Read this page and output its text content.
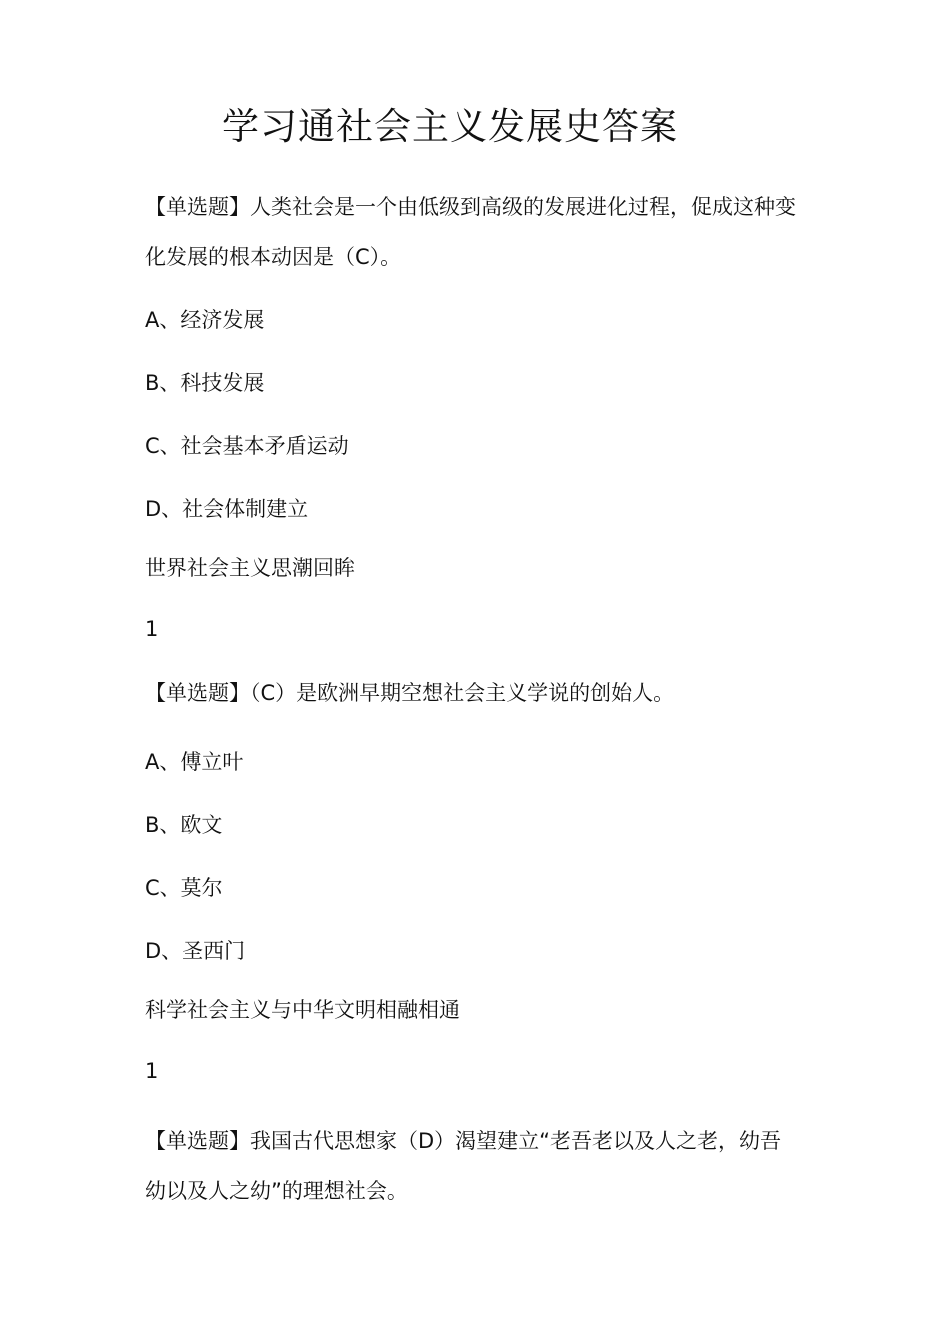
学习通社会主义发展史答案
【单选题】人类社会是一个由低级到高级的发展进化过程，促成这种变
化发展的根本动因是（C）。
A、经济发展
B、科技发展
C、社会基本矛盾运动
D、社会体制建立
世界社会主义思潮回眸
1
【单选题】（C）是欧洲早期空想社会主义学说的创始人。
A、傅立叶
B、欧文
C、莫尔
D、圣西门
科学社会主义与中华文明相融相通
1
【单选题】我国古代思想家（D）渴望建立“老吾老以及人之老，幼吾
幼以及人之幼”的理想社会。
